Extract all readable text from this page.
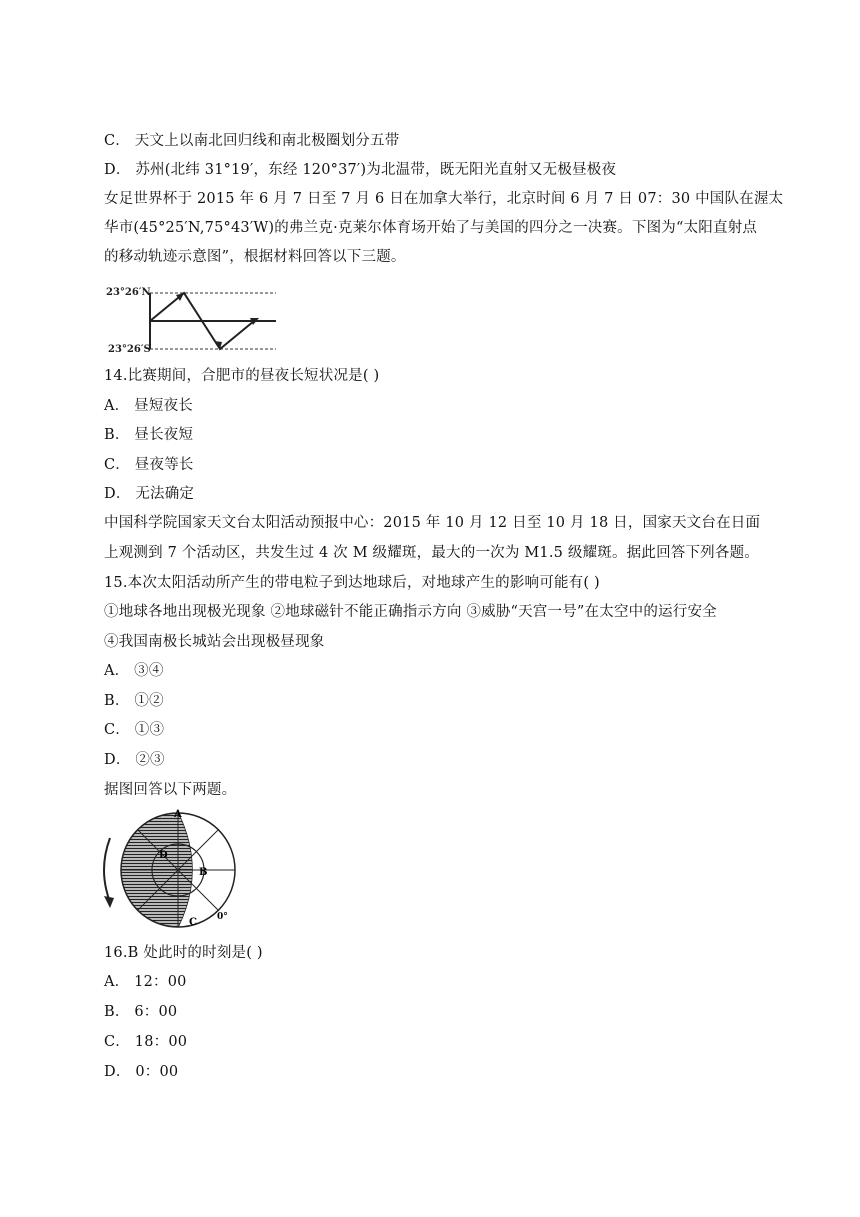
C． 天文上以南北回归线和南北极圈划分五带
D． 苏州(北纬 31°19′，东经 120°37′)为北温带，既无阳光直射又无极昼极夜
女足世界杯于 2015 年 6 月 7 日至 7 月 6 日在加拿大举行，北京时间 6 月 7 日 07：30 中国队在渥太
华市(45°25′N,75°43′W)的弗兰克·克莱尔体育场开始了与美国的四分之一决赛。下图为“太阳直射点
的移动轨迹示意图”，根据材料回答以下三题。
23°26′N
23°26′S
14.比赛期间，合肥市的昼夜长短状况是( )
A． 昼短夜长
B． 昼长夜短
C． 昼夜等长
D． 无法确定
中国科学院国家天文台太阳活动预报中心：2015 年 10 月 12 日至 10 月 18 日，国家天文台在日面
上观测到 7 个活动区，共发生过 4 次 M 级耀斑，最大的一次为 M1.5 级耀斑。据此回答下列各题。
15.本次太阳活动所产生的带电粒子到达地球后，对地球产生的影响可能有( )
①地球各地出现极光现象 ②地球磁针不能正确指示方向 ③威胁“天宫一号”在太空中的运行安全
④我国南极长城站会出现极昼现象
A． ③④
B． ①②
C． ①③
D． ②③
据图回答以下两题。
A
B
C
D
0°
16.B 处此时的时刻是( )
A． 12：00
B． 6：00
C． 18：00
D． 0：00
